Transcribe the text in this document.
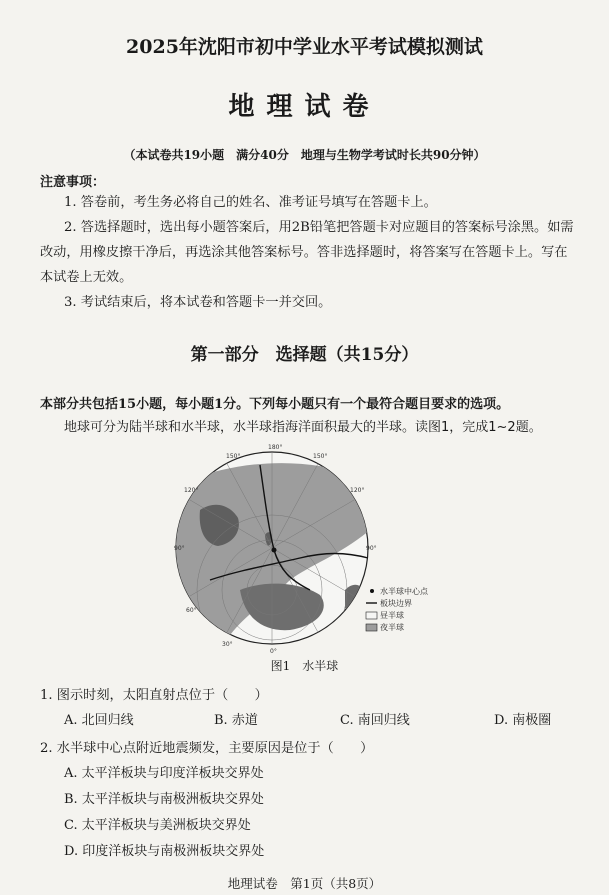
2025年沈阳市初中学业水平考试模拟测试
地理试卷
（本试卷共19小题　满分40分　地理与生物学考试时长共90分钟）
注意事项：
1. 答卷前，考生务必将自己的姓名、准考证号填写在答题卡上。
2. 答选择题时，选出每小题答案后，用2B铅笔把答题卡对应题目的答案标号涂黑。如需改动，用橡皮擦干净后，再选涂其他答案标号。答非选择题时，将答案写在答题卡上。写在本试卷上无效。
3. 考试结束后，将本试卷和答题卡一并交回。
第一部分　选择题（共15分）
本部分共包括15小题，每小题1分。下列每小题只有一个最符合题目要求的选项。
地球可分为陆半球和水半球，水半球指海洋面积最大的半球。读图1，完成1~2题。
180°
150°	150°
120°	120°
90°	90°
60°
30°
0°
水半球中心点
板块边界
昼半球
夜半球
图1　水半球
1. 图示时刻，太阳直射点位于（　　）
A. 北回归线	B. 赤道	C. 南回归线	D. 南极圈
2. 水半球中心点附近地震频发，主要原因是位于（　　）
A. 太平洋板块与印度洋板块交界处
B. 太平洋板块与南极洲板块交界处
C. 太平洋板块与美洲板块交界处
D. 印度洋板块与南极洲板块交界处
地理试卷　第1页（共8页）
